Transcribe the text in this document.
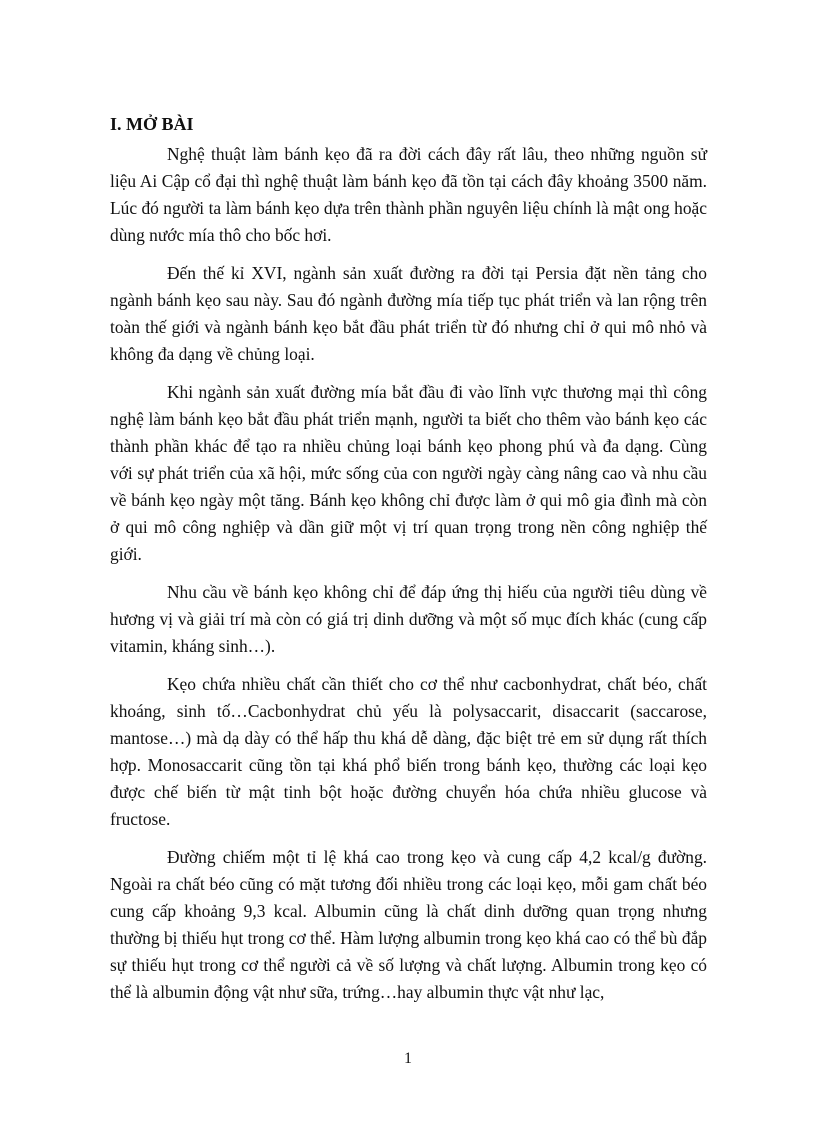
I. MỞ BÀI

Nghệ thuật làm bánh kẹo đã ra đời cách đây rất lâu, theo những nguồn sử liệu Ai Cập cổ đại thì nghệ thuật làm bánh kẹo đã tồn tại cách đây khoảng 3500 năm. Lúc đó người ta làm bánh kẹo dựa trên thành phần nguyên liệu chính là mật ong hoặc dùng nước mía thô cho bốc hơi.

Đến thế kỉ XVI, ngành sản xuất đường ra đời tại Persia đặt nền tảng cho ngành bánh kẹo sau này. Sau đó ngành đường mía tiếp tục phát triển và lan rộng trên toàn thế giới và ngành bánh kẹo bắt đầu phát triển từ đó nhưng chỉ ở qui mô nhỏ và không đa dạng về chủng loại.

Khi ngành sản xuất đường mía bắt đầu đi vào lĩnh vực thương mại thì công nghệ làm bánh kẹo bắt đầu phát triển mạnh, người ta biết cho thêm vào bánh kẹo các thành phần khác để tạo ra nhiều chủng loại bánh kẹo phong phú và đa dạng. Cùng với sự phát triển của xã hội, mức sống của con người ngày càng nâng cao và nhu cầu về bánh kẹo ngày một tăng. Bánh kẹo không chỉ được làm ở qui mô gia đình mà còn ở qui mô công nghiệp và dần giữ một vị trí quan trọng trong nền công nghiệp thế giới.

Nhu cầu về bánh kẹo không chỉ để đáp ứng thị hiếu của người tiêu dùng về hương vị và giải trí mà còn có giá trị dinh dưỡng và một số mục đích khác (cung cấp vitamin, kháng sinh…).

Kẹo chứa nhiều chất cần thiết cho cơ thể như cacbonhydrat, chất béo, chất khoáng, sinh tố…Cacbonhydrat chủ yếu là polysaccarit, disaccarit (saccarose, mantose…) mà dạ dày có thể hấp thu khá dễ dàng, đặc biệt trẻ em sử dụng rất thích hợp. Monosaccarit cũng tồn tại khá phổ biến trong bánh kẹo, thường các loại kẹo được chế biến từ mật tinh bột hoặc đường chuyển hóa chứa nhiều glucose và fructose.

Đường chiếm một tỉ lệ khá cao trong kẹo và cung cấp 4,2 kcal/g đường. Ngoài ra chất béo cũng có mặt tương đối nhiều trong các loại kẹo, mỗi gam chất béo cung cấp khoảng 9,3 kcal. Albumin cũng là chất dinh dưỡng quan trọng nhưng thường bị thiếu hụt trong cơ thể. Hàm lượng albumin trong kẹo khá cao có thể bù đắp sự thiếu hụt trong cơ thể người cả về số lượng và chất lượng. Albumin trong kẹo có thể là albumin động vật như sữa, trứng…hay albumin thực vật như lạc,

1
